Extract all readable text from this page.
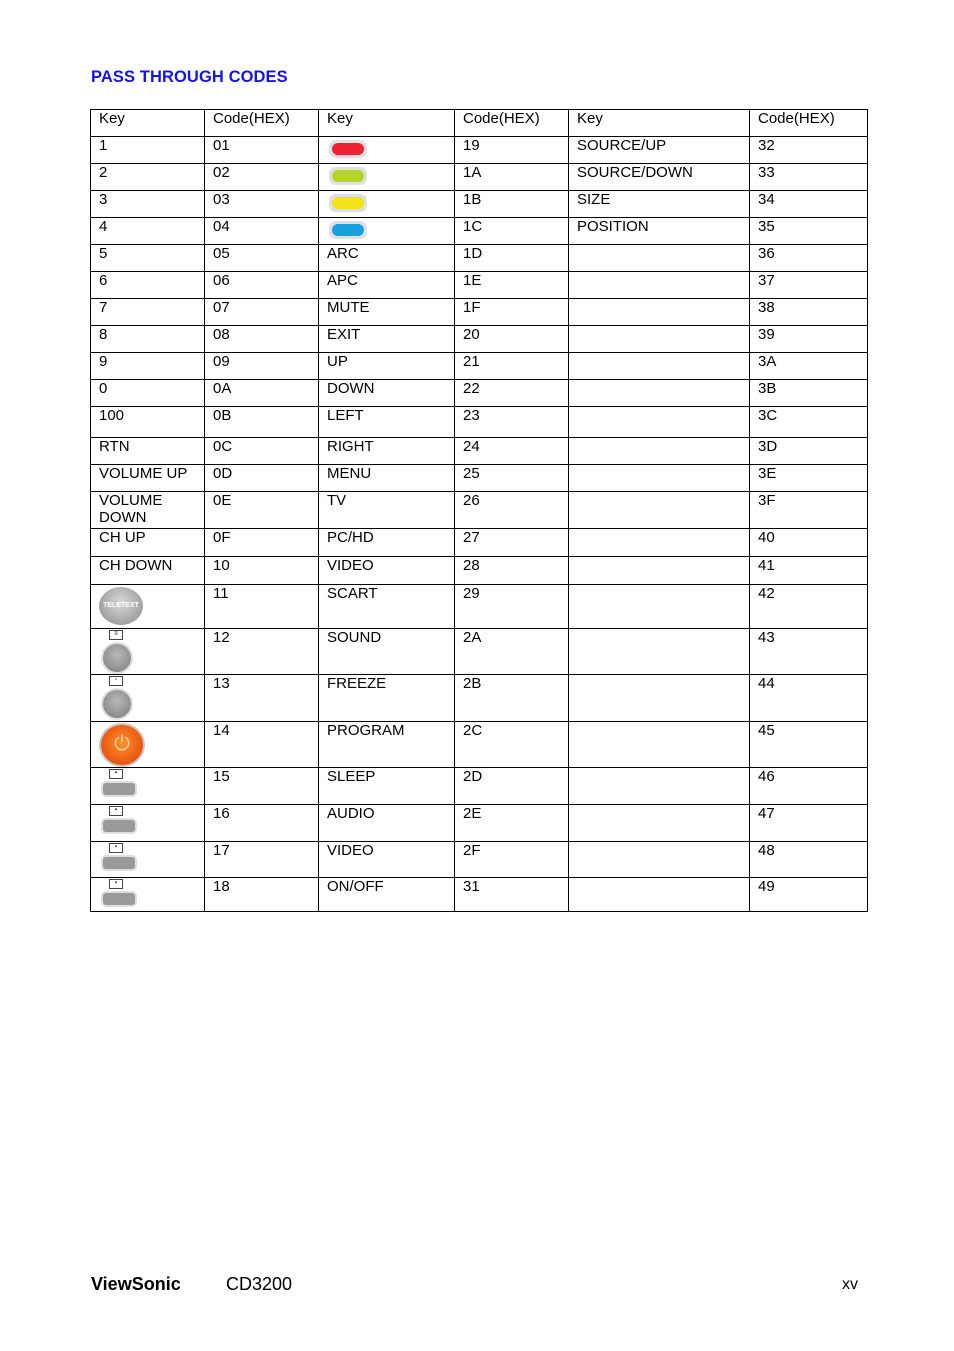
PASS THROUGH CODES
Key	Code(HEX)	Key	Code(HEX)	Key	Code(HEX)
1	01		19	SOURCE/UP	32
2	02		1A	SOURCE/DOWN	33
3	03		1B	SIZE	34
4	04		1C	POSITION	35
5	05	ARC	1D		36
6	06	APC	1E		37
7	07	MUTE	1F		38
8	08	EXIT	20		39
9	09	UP	21		3A
0	0A	DOWN	22		3B
100	0B	LEFT	23		3C
RTN	0C	RIGHT	24		3D
VOLUME UP	0D	MENU	25		3E
VOLUME DOWN	0E	TV	26		3F
CH UP	0F	PC/HD	27		40
CH DOWN	10	VIDEO	28		41

TELETEXT	11	SCART	29		42

≡	12	SOUND	2A		43

▫	13	FREEZE	2B		44

⏻	14	PROGRAM	2C		45

▪	15	SLEEP	2D		46

▪	16	AUDIO	2E		47

▪	17	VIDEO	2F		48

▪	18	ON/OFF	31		49
ViewSonic	CD3200	xv
